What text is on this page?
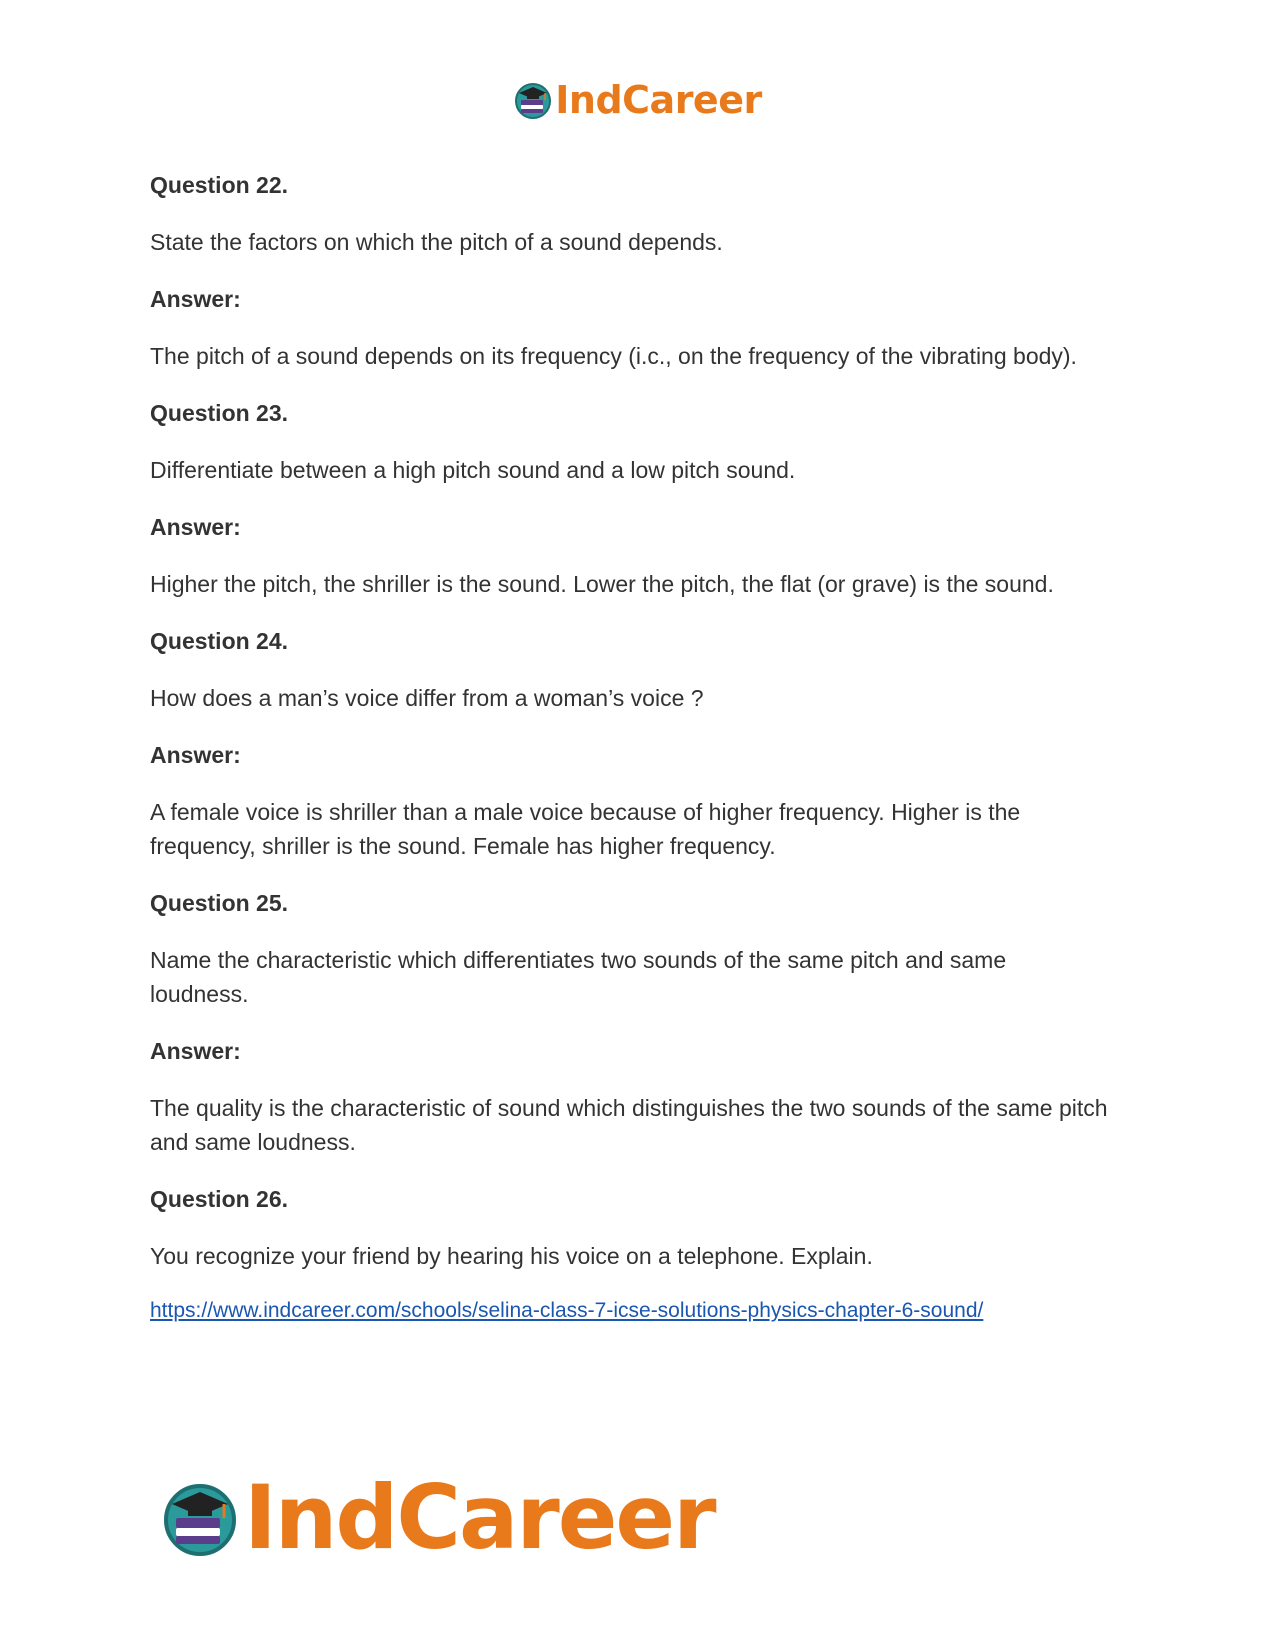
IndCareer

Question 22.

State the factors on which the pitch of a sound depends.

Answer:

The pitch of a sound depends on its frequency (i.c., on the frequency of the vibrating body).

Question 23.

Differentiate between a high pitch sound and a low pitch sound.

Answer:

Higher the pitch, the shriller is the sound. Lower the pitch, the flat (or grave) is the sound.

Question 24.

How does a man’s voice differ from a woman’s voice ?

Answer:

A female voice is shriller than a male voice because of higher frequency. Higher is the frequency, shriller is the sound. Female has higher frequency.

Question 25.

Name the characteristic which differentiates two sounds of the same pitch and same loudness.

Answer:

The quality is the characteristic of sound which distinguishes the two sounds of the same pitch and same loudness.

Question 26.

You recognize your friend by hearing his voice on a telephone. Explain.

https://www.indcareer.com/schools/selina-class-7-icse-solutions-physics-chapter-6-sound/
IndCareer
